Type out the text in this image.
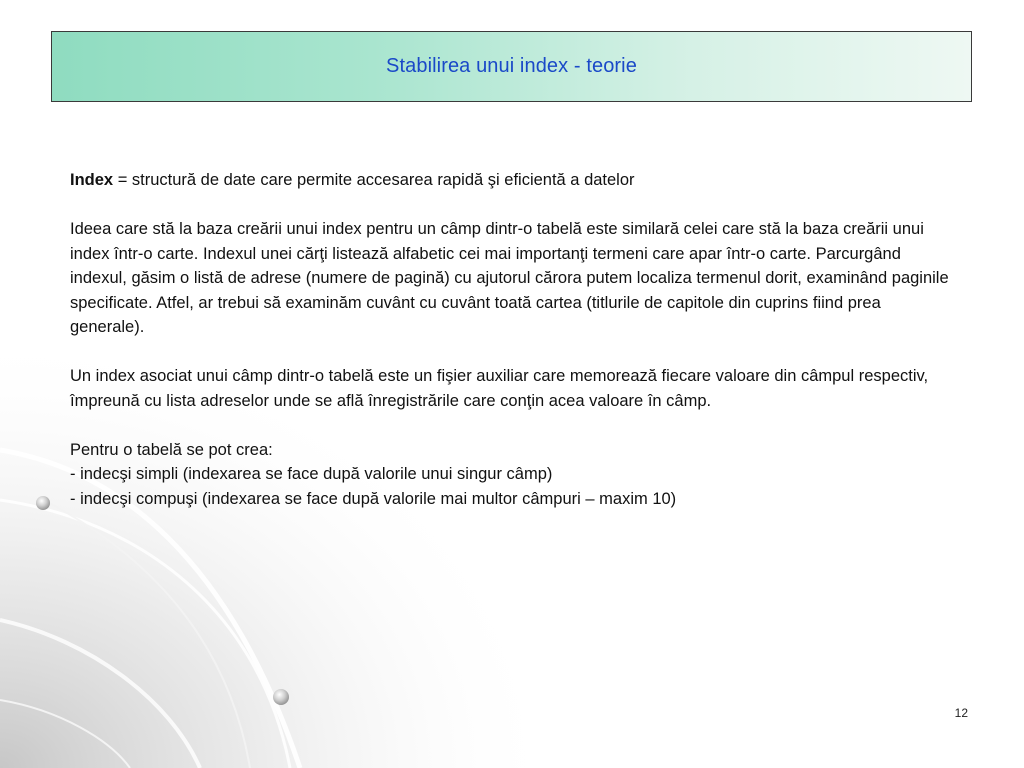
Stabilirea unui index - teorie

Index = structură de date care permite accesarea rapidă şi eficientă a datelor

Ideea care stă la baza creării unui index pentru un câmp dintr-o tabelă este similară celei care stă la baza creării unui index într-o carte. Indexul unei cărţi listează alfabetic cei mai importanţi termeni care apar într-o carte. Parcurgând indexul, găsim o listă de adrese (numere de pagină) cu ajutorul cărora putem localiza termenul dorit, examinând paginile specificate. Atfel, ar trebui să examinăm cuvânt cu cuvânt toată cartea (titlurile de capitole din cuprins fiind prea generale).

Un index asociat unui câmp dintr-o tabelă este un fişier auxiliar care memorează fiecare valoare din câmpul respectiv, împreună cu lista adreselor unde se află înregistrările care conţin acea valoare în câmp.

Pentru o tabelă se pot crea:

- indecşi simpli (indexarea se face după valorile unui singur câmp)

- indecşi compuşi (indexarea se face după valorile mai multor câmpuri – maxim 10)

12
